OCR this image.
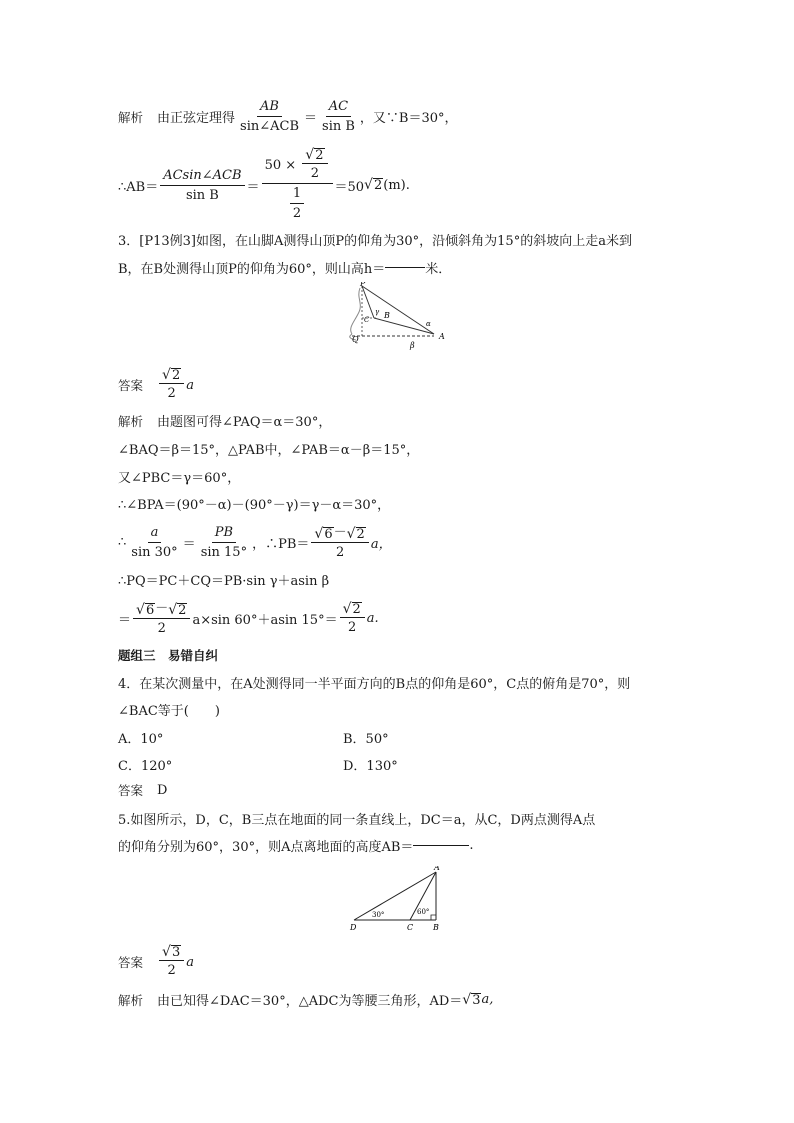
解析 由正弦定理得 $\frac{AB}{\text{sin∠ACB}} = \frac{AC}{\text{sin B}}$ ，又∵B＝30°，
∴AB＝ $\frac{\text{ACsin∠ACB}}{\text{sin B}} = 50$
×
$\frac{√ 2}{2}$
$\frac{1}{2} =50$ √ 2 (m).
3．[P13例3]如图，在山脚A测得山顶P的仰角为30°，沿倾斜角为15°的斜坡向上走a米到
B，在B处测得山顶P的仰角为60°，则山高h＝	米．
P
B
α
A
β
Q
C
γ
答案 $\frac{√ 2}{2}$ a
解析 由题图可得∠PAQ＝α＝30°，
∠BAQ＝β＝15°，△PAB中，∠PAB＝α－β＝15°，
又∠PBC＝γ＝60°，
∴∠BPA＝(90°－α)－(90°－γ)＝γ－α＝30°，
∴ $\frac{a}{\sin 30^\circ} = \frac{PB}{\sin 15^\circ}$ ，∴PB＝ $\frac{√ 6 - √ 2}{2}$ a，
∴PQ＝PC＋CQ＝PB·sin γ＋asin β
＝ $\frac{√ 6 - √ 2}{2} a\times\sin$ 60°＋asin $15^\circ= \frac{√ 2}{2} a$.
题组三　易错自纠
4．在某次测量中，在A处测得同一半平面方向的B点的仰角是60°，C点的俯角是70°，则
∠BAC等于(　　)
A．10°	B．50°
C．120°	D．130°
答案 D
5.如图所示，D，C，B三点在地面的同一条直线上，DC＝a，从C，D两点测得A点
的仰角分别为60°，30°，则A点离地面的高度AB＝	.
A
D	C B
30°	60°
答案 $\frac{√ 3}{2}$ a
解析 由已知得∠DAC＝30°，△ADC为等腰三角形，AD＝ √ 3 a,
